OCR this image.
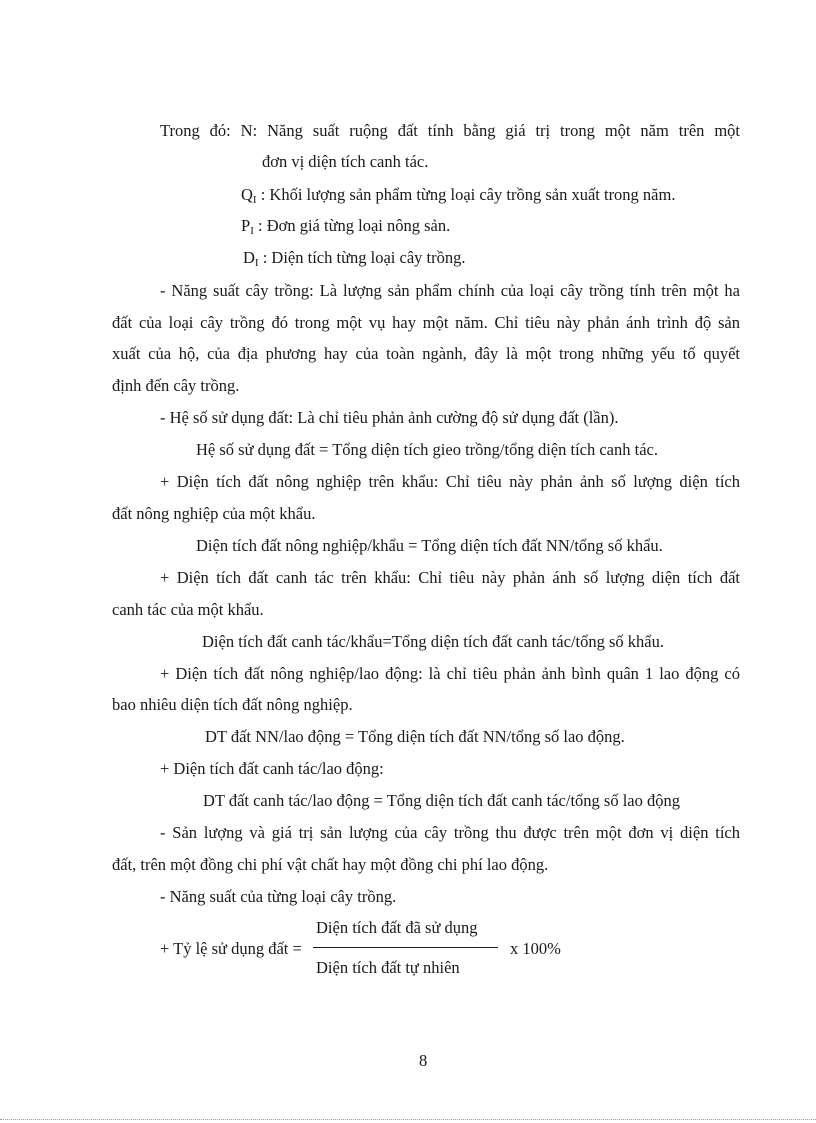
Trong đó: N: Năng suất ruộng đất tính bằng giá trị trong một năm trên một
đơn vị diện tích canh tác.
$Q_I$ : Khối lượng sản phẩm từng loại cây trồng sản xuất trong năm.
$P_I$ : Đơn giá từng loại nông sản.
$D_I$ : Diện tích từng loại cây trồng.
- Năng suất cây trồng: Là lượng sản phẩm chính của loại cây trồng tính trên một ha
đất của loại cây trồng đó trong một vụ hay một năm. Chỉ tiêu này phản ánh trình độ sản
xuất của hộ, của địa phương hay của toàn ngành, đây là một trong những yếu tố quyết
định đến cây trồng.
- Hệ số sử dụng đất: Là chỉ tiêu phản ảnh cường độ sử dụng đất (lần).
Hệ số sử dụng đất = Tổng diện tích gieo trồng/tổng diện tích canh tác.
+ Diện tích đất nông nghiệp trên khẩu: Chỉ tiêu này phản ảnh số lượng diện tích
đất nông nghiệp của một khẩu.
Diện tích đất nông nghiệp/khẩu = Tổng diện tích đất NN/tổng số khẩu.
+ Diện tích đất canh tác trên khẩu: Chỉ tiêu này phản ánh số lượng diện tích đất
canh tác của một khẩu.
Diện tích đất canh tác/khẩu=Tổng diện tích đất canh tác/tổng số khẩu.
+ Diện tích đất nông nghiệp/lao động: là chỉ tiêu phản ảnh bình quân 1 lao động có
bao nhiêu diện tích đất nông nghiệp.
DT đất NN/lao động = Tổng diện tích đất NN/tổng số lao động.
+ Diện tích đất canh tác/lao động:
DT đất canh tác/lao động = Tổng diện tích đất canh tác/tổng số lao động
- Sản lượng và giá trị sản lượng của cây trồng thu được trên một đơn vị diện tích
đất, trên một đồng chi phí vật chất hay một đồng chi phí lao động.
- Năng suất của từng loại cây trồng.
+ Tỷ lệ sử dụng đất =
Diện tích đất đã sử dụng
Diện tích đất tự nhiên
x 100%
8
